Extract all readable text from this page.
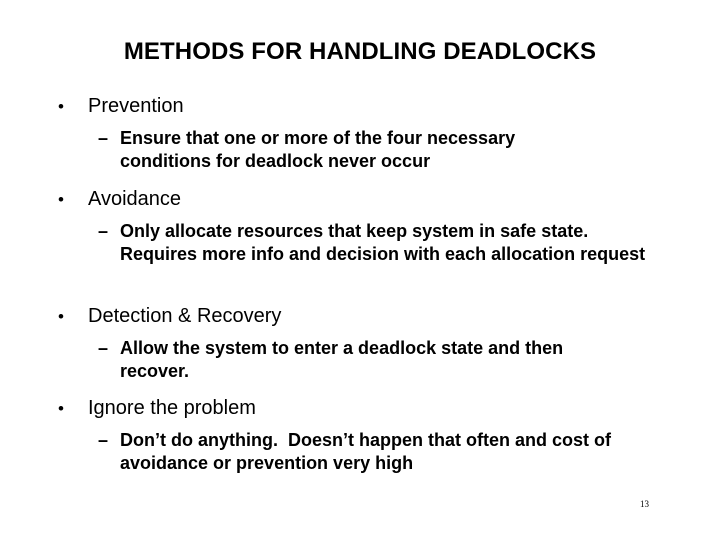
METHODS FOR HANDLING DEADLOCKS
• Prevention
– Ensure that one or more of the four necessary conditions for deadlock never occur
• Avoidance
– Only allocate resources that keep system in safe state. Requires more info and decision with each allocation request
• Detection & Recovery
– Allow the system to enter a deadlock state and then recover.
• Ignore the problem
– Don’t do anything.  Doesn’t happen that often and cost of avoidance or prevention very high
13
